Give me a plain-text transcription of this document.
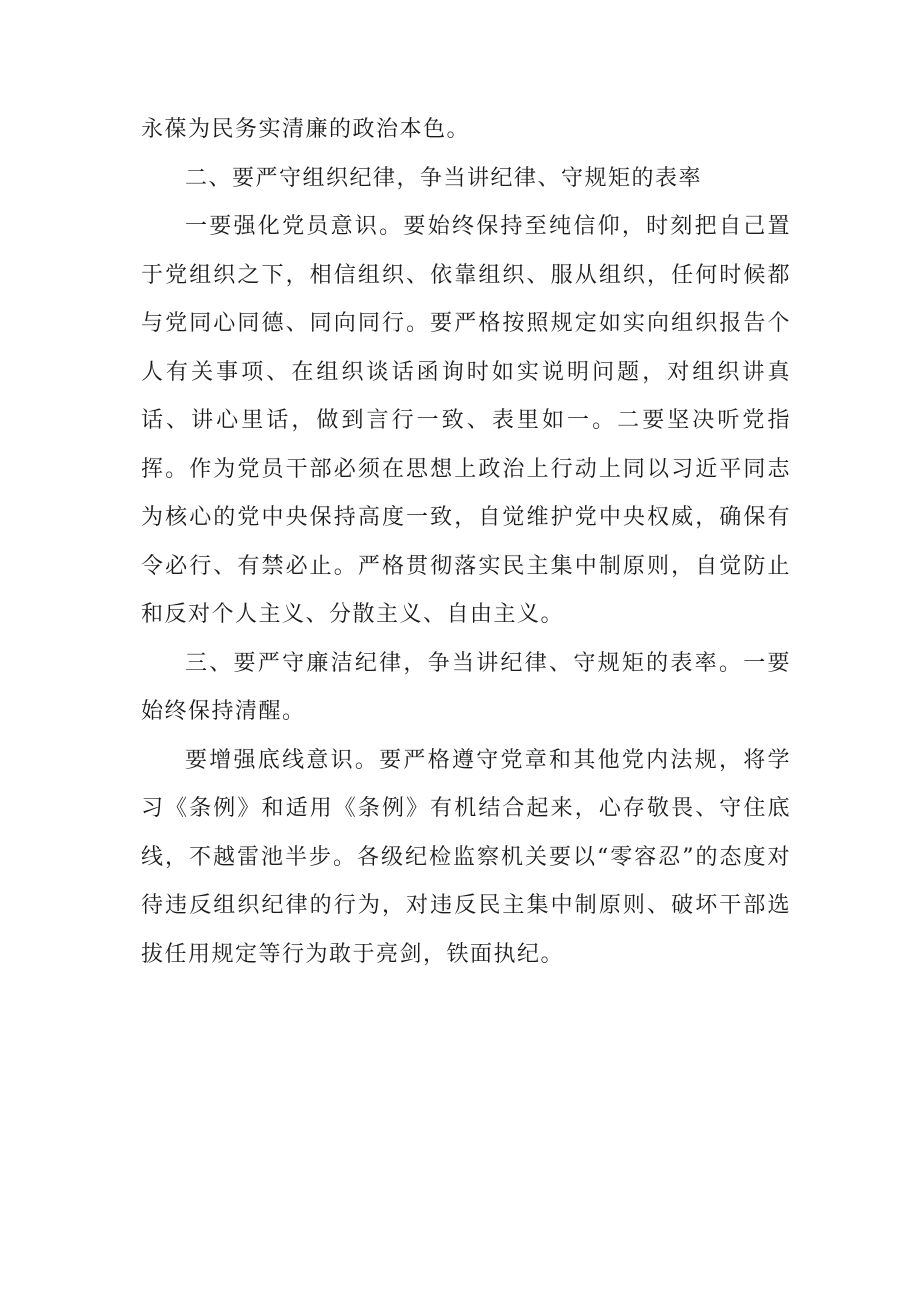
永葆为民务实清廉的政治本色。

二、要严守组织纪律，争当讲纪律、守规矩的表率

一要强化党员意识。要始终保持至纯信仰，时刻把自己置于党组织之下，相信组织、依靠组织、服从组织，任何时候都与党同心同德、同向同行。要严格按照规定如实向组织报告个人有关事项、在组织谈话函询时如实说明问题，对组织讲真话、讲心里话，做到言行一致、表里如一。二要坚决听党指挥。作为党员干部必须在思想上政治上行动上同以习近平同志为核心的党中央保持高度一致，自觉维护党中央权威，确保有令必行、有禁必止。严格贯彻落实民主集中制原则，自觉防止和反对个人主义、分散主义、自由主义。

三、要严守廉洁纪律，争当讲纪律、守规矩的表率。一要始终保持清醒。

要增强底线意识。要严格遵守党章和其他党内法规，将学习《条例》和适用《条例》有机结合起来，心存敬畏、守住底线，不越雷池半步。各级纪检监察机关要以“零容忍”的态度对待违反组织纪律的行为，对违反民主集中制原则、破坏干部选拔任用规定等行为敢于亮剑，铁面执纪。
